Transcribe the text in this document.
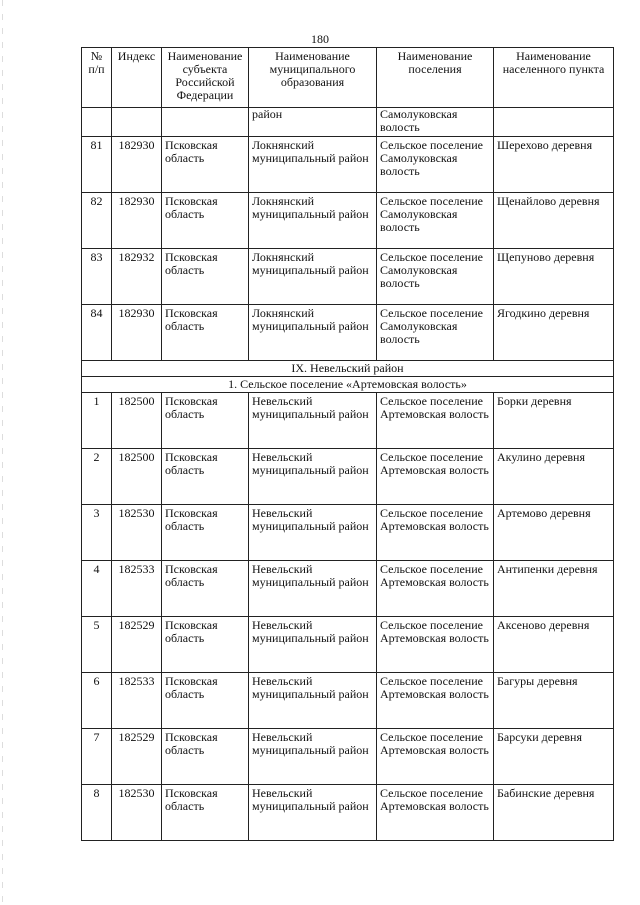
180
№ п/п	Индекс	Наименование субъекта Российской Федерации	Наименование муниципального образования	Наименование поселения	Наименование населенного пункта
			район	Самолуковская волость	
81	182930	Псковская область	Локнянский муниципальный район	Сельское поселение Самолуковская волость	Шерехово деревня
82	182930	Псковская область	Локнянский муниципальный район	Сельское поселение Самолуковская волость	Щенайлово деревня
83	182932	Псковская область	Локнянский муниципальный район	Сельское поселение Самолуковская волость	Щепуново деревня
84	182930	Псковская область	Локнянский муниципальный район	Сельское поселение Самолуковская волость	Ягодкино деревня
IX. Невельский район					
1. Сельское поселение «Артемовская волость»					
1	182500	Псковская область	Невельский муниципальный район	Сельское поселение Артемовская волость	Борки деревня
2	182500	Псковская область	Невельский муниципальный район	Сельское поселение Артемовская волость	Акулино деревня
3	182530	Псковская область	Невельский муниципальный район	Сельское поселение Артемовская волость	Артемово деревня
4	182533	Псковская область	Невельский муниципальный район	Сельское поселение Артемовская волость	Антипенки деревня
5	182529	Псковская область	Невельский муниципальный район	Сельское поселение Артемовская волость	Аксеново деревня
6	182533	Псковская область	Невельский муниципальный район	Сельское поселение Артемовская волость	Багуры деревня
7	182529	Псковская область	Невельский муниципальный район	Сельское поселение Артемовская волость	Барсуки деревня
8	182530	Псковская область	Невельский муниципальный район	Сельское поселение Артемовская волость	Бабинские деревня
